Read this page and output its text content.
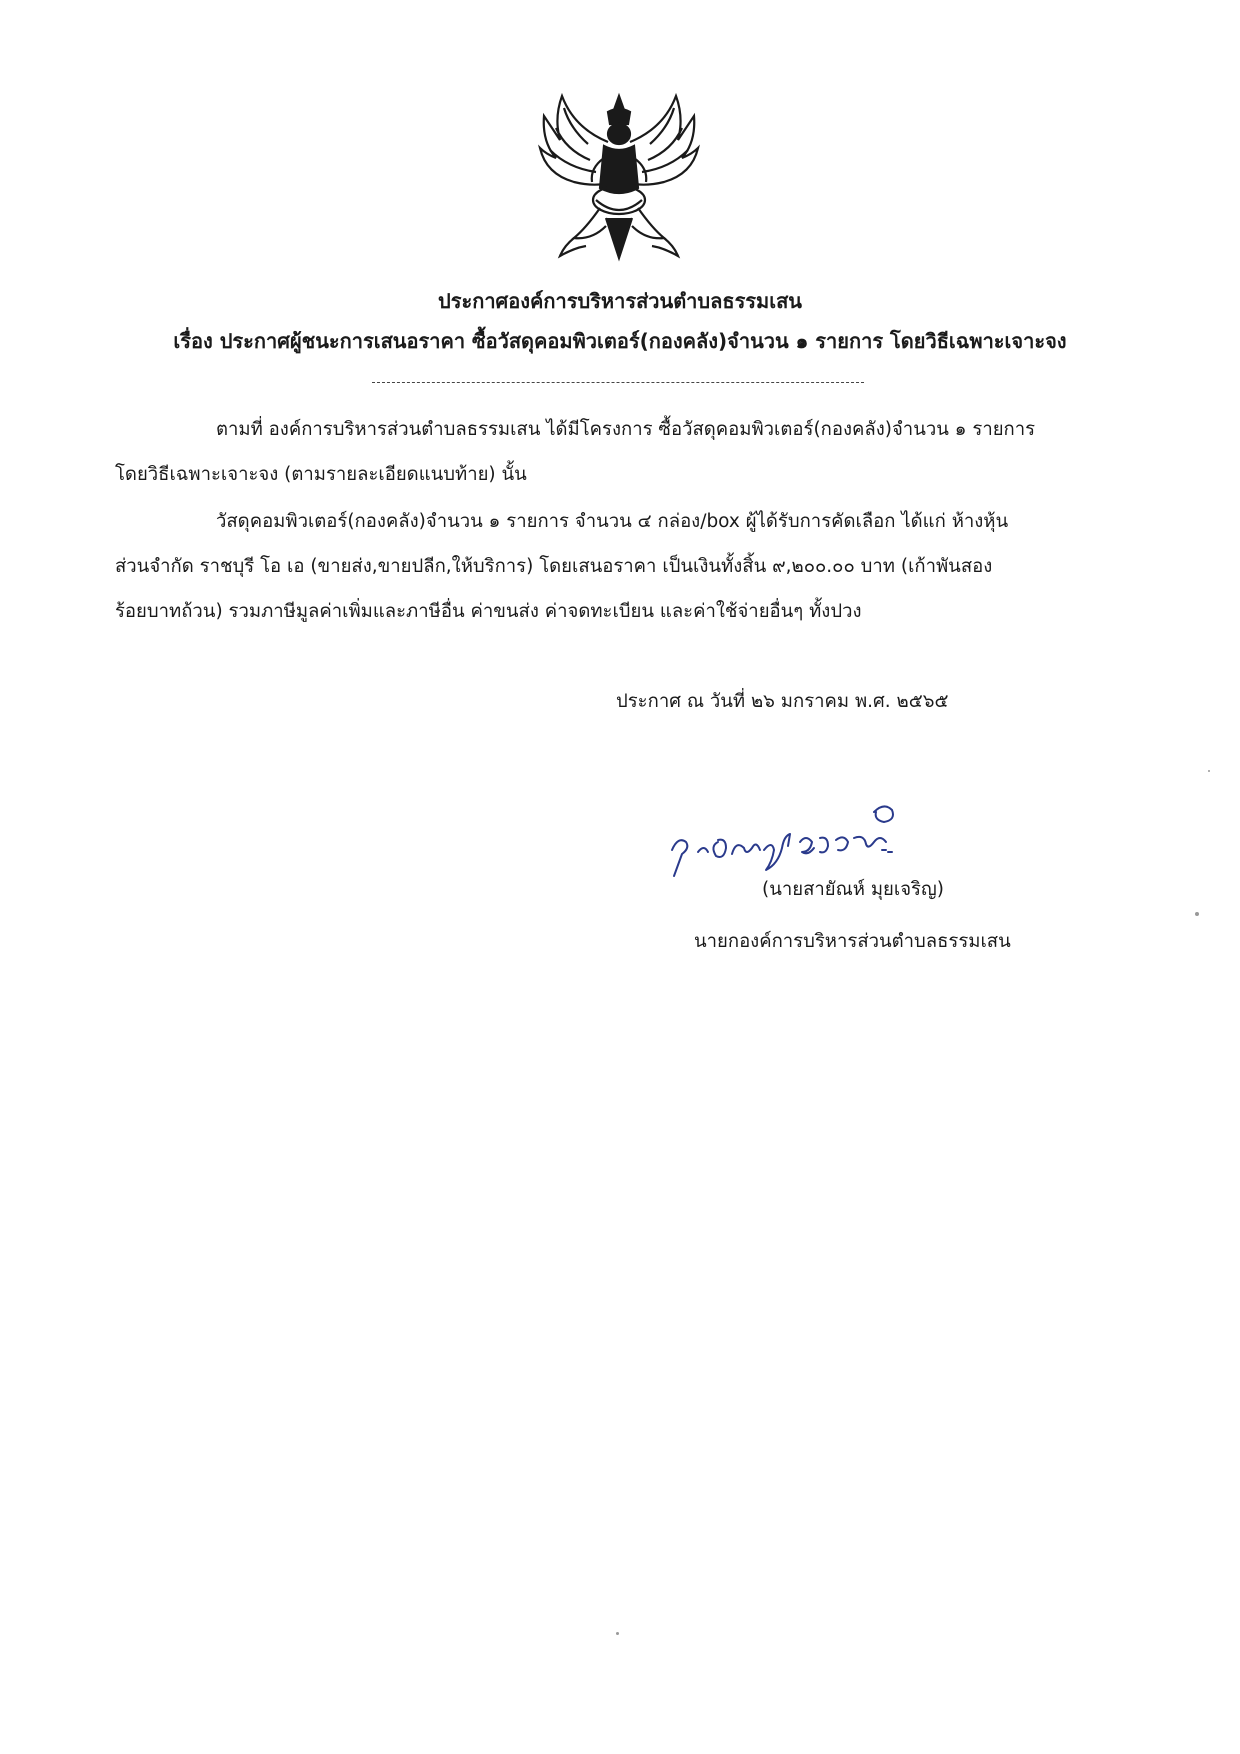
ประกาศองค์การบริหารส่วนตำบลธรรมเสน
เรื่อง ประกาศผู้ชนะการเสนอราคา ซื้อวัสดุคอมพิวเตอร์(กองคลัง)จำนวน ๑ รายการ โดยวิธีเฉพาะเจาะจง
ตามที่ องค์การบริหารส่วนตำบลธรรมเสน ได้มีโครงการ ซื้อวัสดุคอมพิวเตอร์(กองคลัง)จำนวน ๑ รายการ
โดยวิธีเฉพาะเจาะจง (ตามรายละเอียดแนบท้าย) นั้น
วัสดุคอมพิวเตอร์(กองคลัง)จำนวน ๑ รายการ จำนวน ๔ กล่อง/box ผู้ได้รับการคัดเลือก ได้แก่ ห้างหุ้น
ส่วนจำกัด ราชบุรี โอ เอ (ขายส่ง,ขายปลีก,ให้บริการ) โดยเสนอราคา เป็นเงินทั้งสิ้น ๙,๒๐๐.๐๐ บาท (เก้าพันสอง
ร้อยบาทถ้วน) รวมภาษีมูลค่าเพิ่มและภาษีอื่น ค่าขนส่ง ค่าจดทะเบียน และค่าใช้จ่ายอื่นๆ ทั้งปวง
ประกาศ ณ วันที่ ๒๖ มกราคม พ.ศ. ๒๕๖๕
(นายสายัณห์ มุยเจริญ)
นายกองค์การบริหารส่วนตำบลธรรมเสน
